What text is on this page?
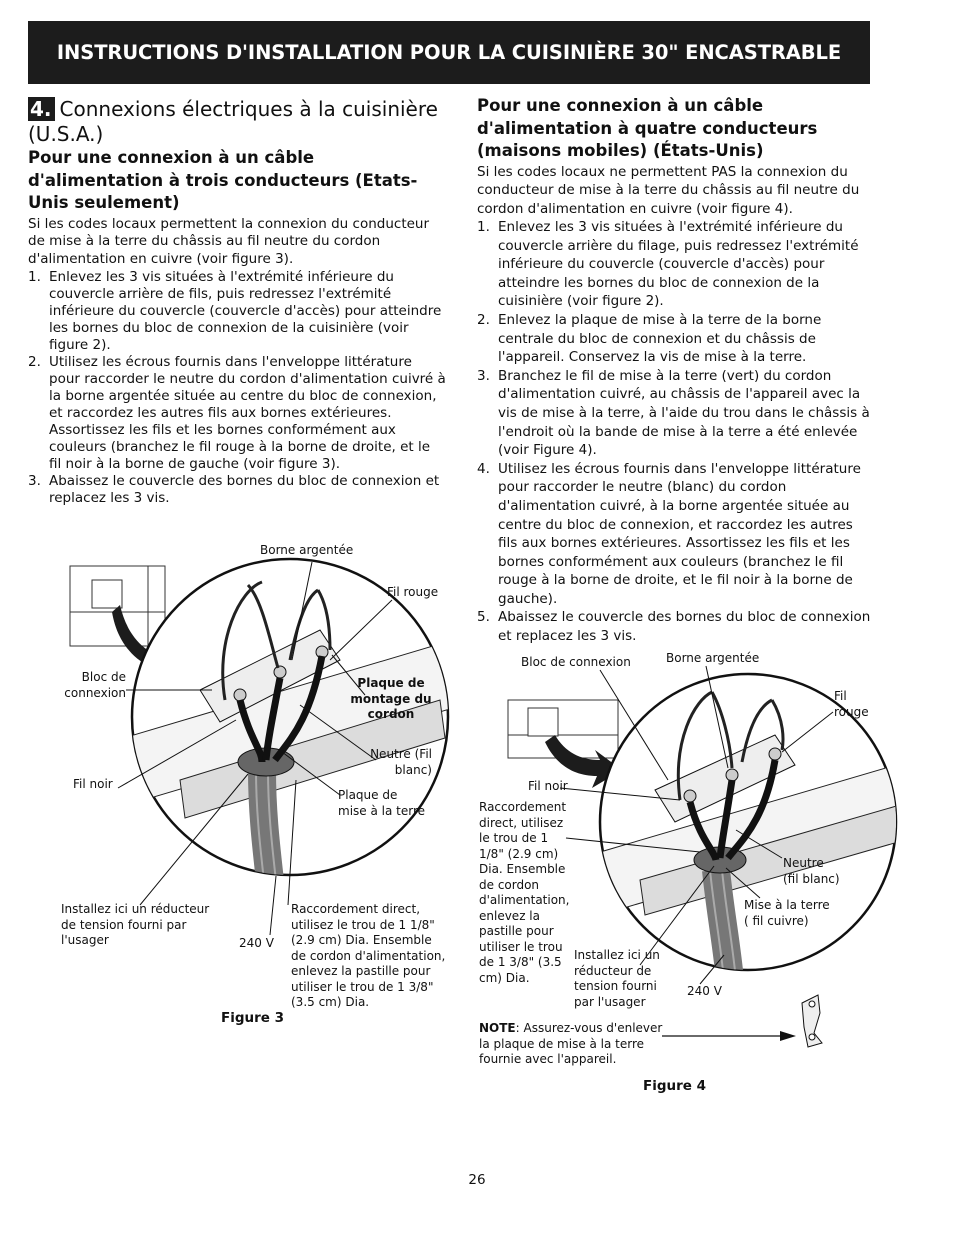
INSTRUCTIONS D'INSTALLATION POUR LA CUISINIÈRE 30" ENCASTRABLE
4. Connexions électriques à la cuisinière (U.S.A.)
Pour une connexion à un câble d'alimentation à trois conducteurs (Etats-Unis seulement)

Si les codes locaux permettent la connexion du conducteur de mise à la terre du châssis au fil neutre du cordon d'alimentation en cuivre (voir figure 3).

1. Enlevez les 3 vis situées à l'extrémité inférieure du couvercle arrière de fils, puis redressez l'extrémité inférieure du couvercle (couvercle d'accès) pour atteindre les bornes du bloc de connexion de la cuisinière (voir figure 2).
2. Utilisez les écrous fournis dans l'enveloppe littérature pour raccorder le neutre du cordon d'alimentation cuivré à la borne argentée située au centre du bloc de connexion, et raccordez les autres fils aux bornes extérieures. Assortissez les fils et les bornes conformément aux couleurs (branchez le fil rouge à la borne de droite, et le fil noir à la borne de gauche (voir figure 3).
3. Abaissez le couvercle des bornes du bloc de connexion et replacez les 3 vis.
Pour une connexion à un câble d'alimentation à quatre conducteurs (maisons mobiles) (États-Unis)

Si les codes locaux ne permettent PAS la connexion du conducteur de mise à la terre du châssis au fil neutre du cordon d'alimentation en cuivre (voir figure 4).

1. Enlevez les 3 vis situées à l'extrémité inférieure du couvercle arrière du filage, puis redressez l'extrémité inférieure du couvercle (couvercle d'accès) pour atteindre les bornes du bloc de connexion de la cuisinière (voir figure 2).
2. Enlevez la plaque de mise à la terre de la borne centrale du bloc de connexion et du châssis de l'appareil. Conservez la vis de mise à la terre.
3. Branchez le fil de mise à la terre (vert) du cordon d'alimentation cuivré, au châssis de l'appareil avec la vis de mise à la terre, à l'aide du trou dans le châssis à l'endroit où la bande de mise à la terre a été enlevée (voir Figure 4).
4. Utilisez les écrous fournis dans l'enveloppe littérature pour raccorder le neutre (blanc) du cordon d'alimentation cuivré, à la borne argentée située au centre du bloc de connexion, et raccordez les autres fils aux bornes extérieures. Assortissez les fils et les bornes conformément aux couleurs (branchez le fil rouge à la borne de droite, et le fil noir à la borne de gauche).
5. Abaissez le couvercle des bornes du bloc de connexion et replacez les 3 vis.
Borne argentée
Fil rouge
Bloc de connexion
Plaque de montage du cordon
Neutre (Fil blanc)
Fil noir
Plaque de mise à la terre
Installez ici un réducteur de tension fourni par l'usager	240 V
Raccordement direct, utilisez le trou de 1 1/8" (2.9 cm) Dia. Ensemble de cordon d'alimentation, enlevez la pastille pour utiliser le trou de 1 3/8" (3.5 cm) Dia.
Figure 3
Bloc de connexion	Borne argentée
Fil rouge
Fil noir
Raccordement direct, utilisez le trou de 1 1/8" (2.9 cm) Dia. Ensemble de cordon d'alimentation, enlevez la pastille pour utiliser le trou de 1 3/8" (3.5 cm) Dia.
Neutre (fil blanc)
Mise à la terre ( fil cuivre)
Installez ici un réducteur de tension fourni par l'usager
240 V
NOTE: Assurez-vous d'enlever la plaque de mise à la terre fournie avec l'appareil.
Figure 4
26
